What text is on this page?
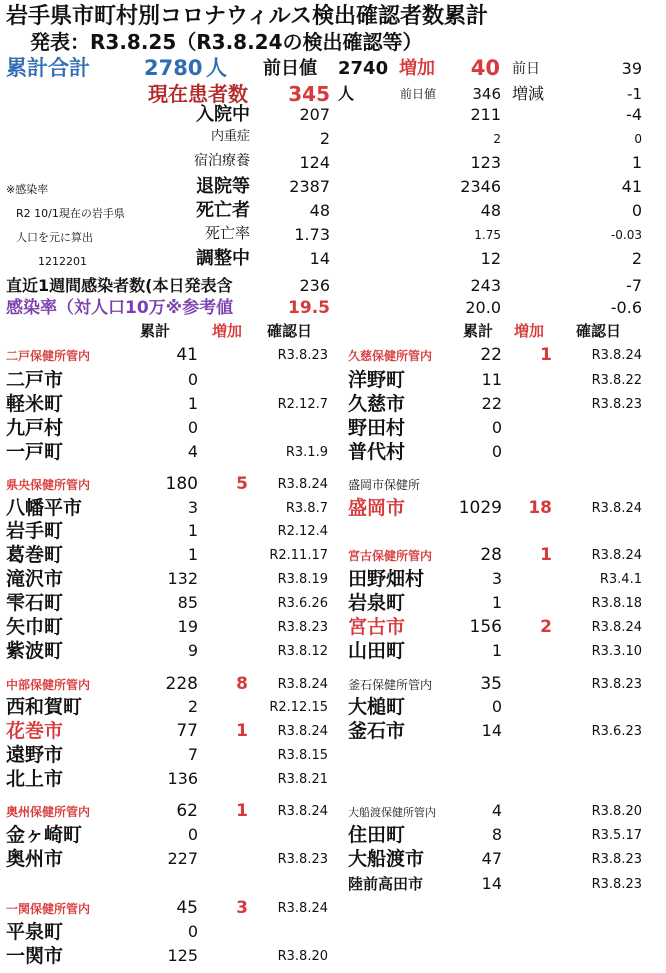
岩手県市町村別コロナウィルス検出確認者数累計
発表：R3.8.25（R3.8.24の検出確認等）
累計合計	2780 人 前日値 2740 増加	40 前日	39
現在患者数	345 人	前日値	346 増減	-1
入院中	207	211	-4
内重症	2	2	0
宿泊療養	124	123	1
退院等	2387	2346	41
死亡者	48	48	0
死亡率	1.73	1.75	-0.03
調整中	14	12	2
※感染率
R2 10/1現在の岩手県
人口を元に算出
1212201
直近1週間感染者数(本日発表含	236	243	-7
感染率（対人口10万※参考値	19.5	20.0	-0.6
累計	増加 確認日	累計 増加 確認日
二戸保健所管内	41	R3.8.23
二戸市	0
軽米町	1	R2.12.7
九戸村	0
一戸町	4	R3.1.9
県央保健所管内	180	5	R3.8.24
八幡平市	3	R3.8.7
岩手町	1	R2.12.4
葛巻町	1	R2.11.17
滝沢市	132	R3.8.19
雫石町	85	R3.6.26
矢巾町	19	R3.8.23
紫波町	9	R3.8.12
中部保健所管内	228	8	R3.8.24
西和賀町	2	R2.12.15
花巻市	77	1	R3.8.24
遠野市	7	R3.8.15
北上市	136	R3.8.21
奥州保健所管内	62	1	R3.8.24
金ヶ崎町	0
奥州市	227	R3.8.23
一関保健所管内	45	3	R3.8.24
平泉町	0
一関市	125	R3.8.20
久慈保健所管内	22	1	R3.8.24
洋野町	11	R3.8.22
久慈市	22	R3.8.23
野田村	0
普代村	0
盛岡市保健所
盛岡市	1029	18	R3.8.24
宮古保健所管内	28	1	R3.8.24
田野畑村	3	R3.4.1
岩泉町	1	R3.8.18
宮古市	156	2	R3.8.24
山田町	1	R3.3.10
釜石保健所管内	35	R3.8.23
大槌町	0
釜石市	14	R3.6.23
大船渡保健所管内	4	R3.8.20
住田町	8	R3.5.17
大船渡市	47	R3.8.23
陸前高田市	14	R3.8.23
